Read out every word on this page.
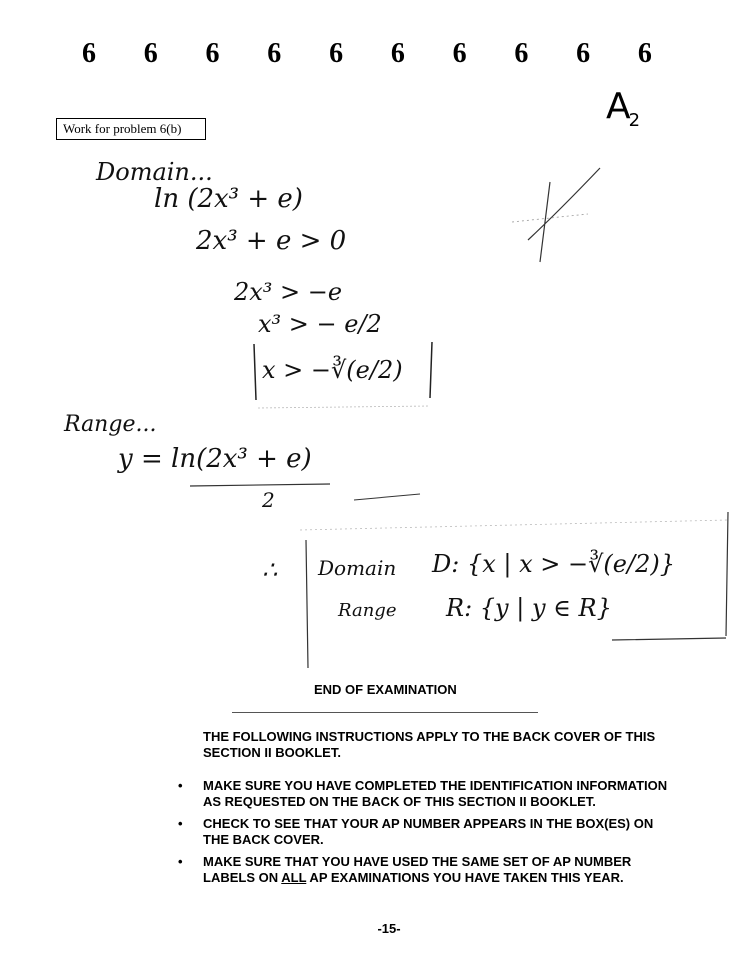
6 6 6 6 6 6 6 6 6 6
$A_2$
Work for problem 6(b)
Domain...
ln (2x³ + e)
2x³ + e > 0
2x³ > −e
x³ > − e/2
x > −∛(e/2)
Range...
y = ln(2x³ + e)
2
∴ Domain D: {x | x > −∛(e/2)}
Range R: {y | y ∈ R}
END OF EXAMINATION
THE FOLLOWING INSTRUCTIONS APPLY TO THE BACK COVER OF THIS SECTION II BOOKLET.
• MAKE SURE YOU HAVE COMPLETED THE IDENTIFICATION INFORMATION AS REQUESTED ON THE BACK OF THIS SECTION II BOOKLET.
• CHECK TO SEE THAT YOUR AP NUMBER APPEARS IN THE BOX(ES) ON THE BACK COVER.
• MAKE SURE THAT YOU HAVE USED THE SAME SET OF AP NUMBER LABELS ON ALL AP EXAMINATIONS YOU HAVE TAKEN THIS YEAR.
-15-
